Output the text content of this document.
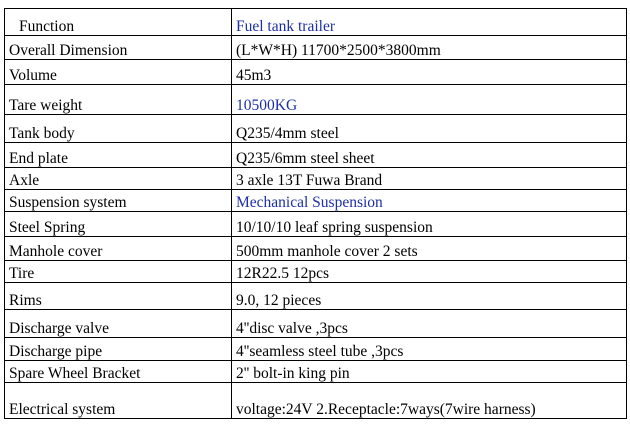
Function	Fuel tank trailer
Overall Dimension	(L*W*H) 11700*2500*3800mm
Volume	45m3
Tare weight	10500KG
Tank body	Q235/4mm steel
End plate	Q235/6mm steel sheet
Axle	3 axle 13T Fuwa Brand
Suspension system	Mechanical Suspension
Steel Spring	10/10/10 leaf spring suspension
Manhole cover	500mm manhole cover 2 sets
Tire	12R22.5 12pcs
Rims	9.0, 12 pieces
Discharge valve	4''disc valve ,3pcs
Discharge pipe	4''seamless steel tube ,3pcs
Spare Wheel Bracket	2'' bolt-in king pin
Electrical system	voltage:24V 2.Receptacle:7ways(7wire harness)
